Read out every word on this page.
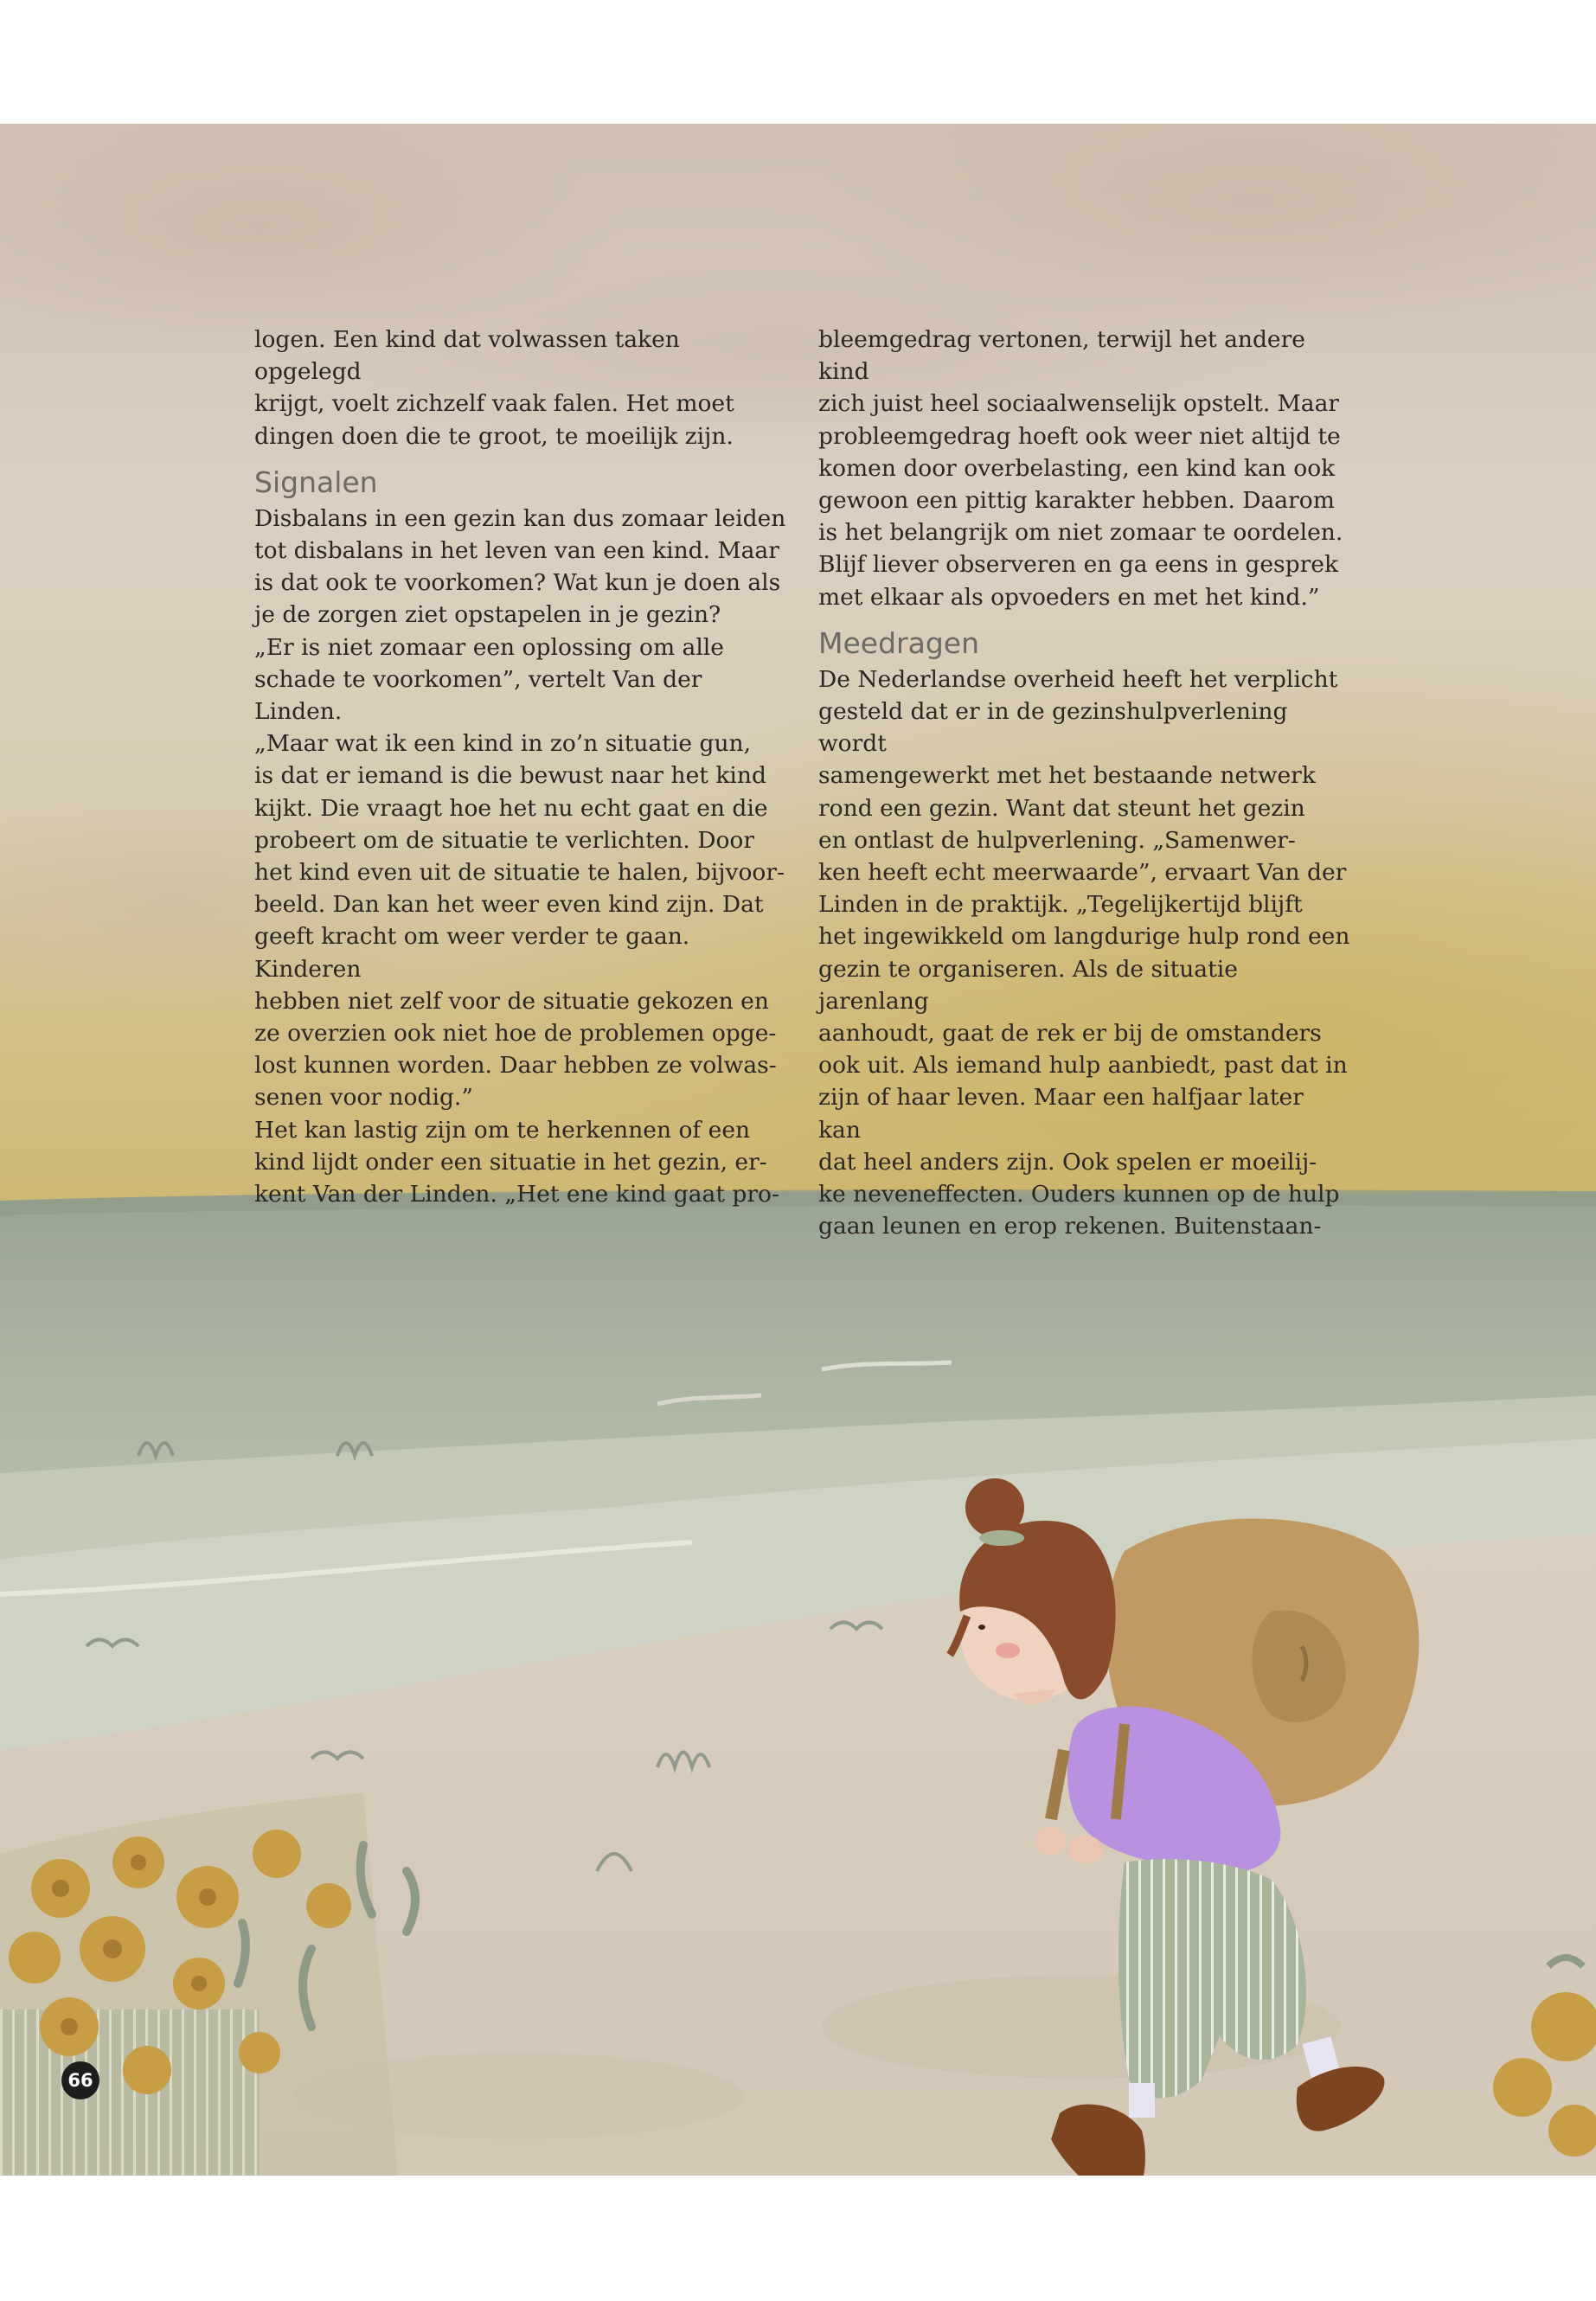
logen. Een kind dat volwassen taken opgelegd
krijgt, voelt zichzelf vaak falen. Het moet
dingen doen die te groot, te moeilijk zijn.

Signalen

Disbalans in een gezin kan dus zomaar leiden
tot disbalans in het leven van een kind. Maar
is dat ook te voorkomen? Wat kun je doen als
je de zorgen ziet opstapelen in je gezin?
„Er is niet zomaar een oplossing om alle
schade te voorkomen”, vertelt Van der Linden.
„Maar wat ik een kind in zo’n situatie gun,
is dat er iemand is die bewust naar het kind
kijkt. Die vraagt hoe het nu echt gaat en die
probeert om de situatie te verlichten. Door
het kind even uit de situatie te halen, bijvoor-
beeld. Dan kan het weer even kind zijn. Dat
geeft kracht om weer verder te gaan. Kinderen
hebben niet zelf voor de situatie gekozen en
ze overzien ook niet hoe de problemen opge-
lost kunnen worden. Daar hebben ze volwas-
senen voor nodig.”
Het kan lastig zijn om te herkennen of een
kind lijdt onder een situatie in het gezin, er-
kent Van der Linden. „Het ene kind gaat pro-

bleemgedrag vertonen, terwijl het andere kind
zich juist heel sociaalwenselijk opstelt. Maar
probleemgedrag hoeft ook weer niet altijd te
komen door overbelasting, een kind kan ook
gewoon een pittig karakter hebben. Daarom
is het belangrijk om niet zomaar te oordelen.
Blijf liever observeren en ga eens in gesprek
met elkaar als opvoeders en met het kind.”

Meedragen

De Nederlandse overheid heeft het verplicht
gesteld dat er in de gezinshulpverlening wordt
samengewerkt met het bestaande netwerk
rond een gezin. Want dat steunt het gezin
en ontlast de hulpverlening. „Samenwer-
ken heeft echt meerwaarde”, ervaart Van der
Linden in de praktijk. „Tegelijkertijd blijft
het ingewikkeld om langdurige hulp rond een
gezin te organiseren. Als de situatie jarenlang
aanhoudt, gaat de rek er bij de omstanders
ook uit. Als iemand hulp aanbiedt, past dat in
zijn of haar leven. Maar een halfjaar later kan
dat heel anders zijn. Ook spelen er moeilij-
ke neveneffecten. Ouders kunnen op de hulp
gaan leunen en erop rekenen. Buitenstaan-

66
